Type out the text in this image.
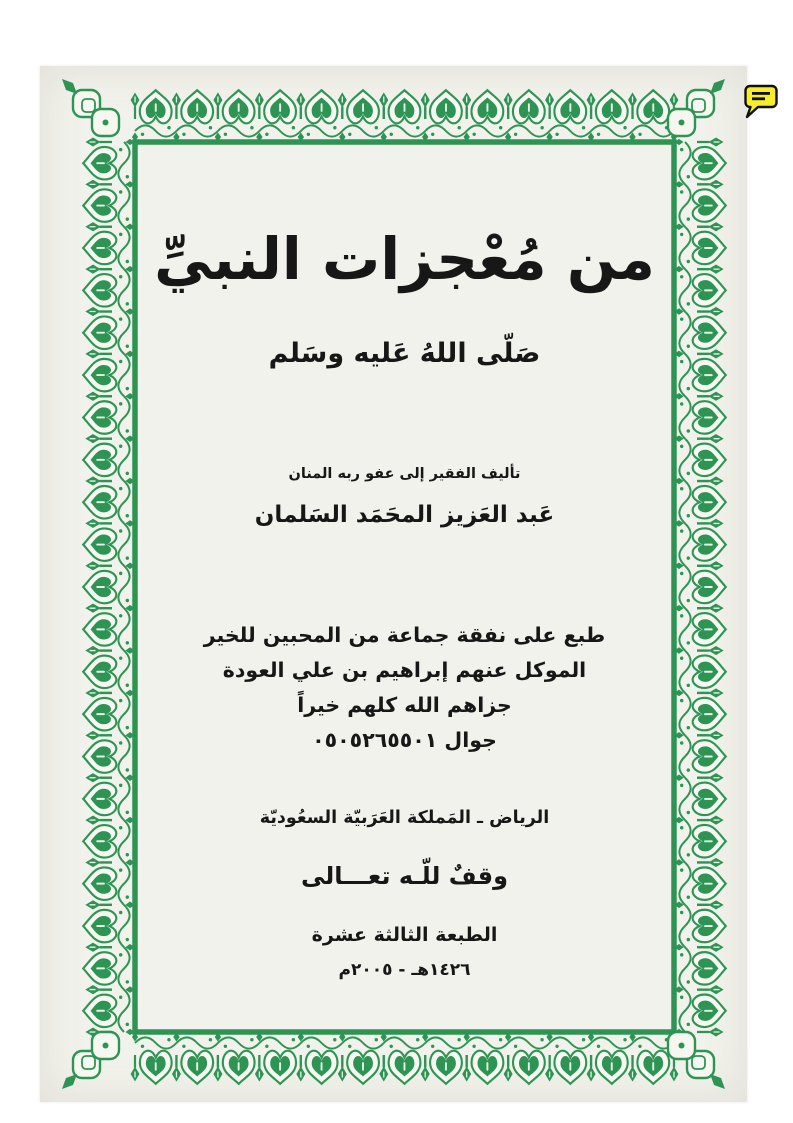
من مُعْجزات النبيِّ
صَلّى اللهُ عَليه وسَلم
تأليف الفقير إلى عفو ربه المنان
عَبد العَزيز المحَمَد السَلمان
طبع على نفقة جماعة من المحبين للخير
الموكل عنهم إبراهيم بن علي العودة
جزاهم الله كلهم خيراً
جوال ٠٥٠٥٢٦٥٥٠١
الرياض ـ المَملكة العَرَبيّة السعُوديّة
وقفٌ للّـه تعـــالى
الطبعة الثالثة عشرة
١٤٢٦هـ - ٢٠٠٥م
